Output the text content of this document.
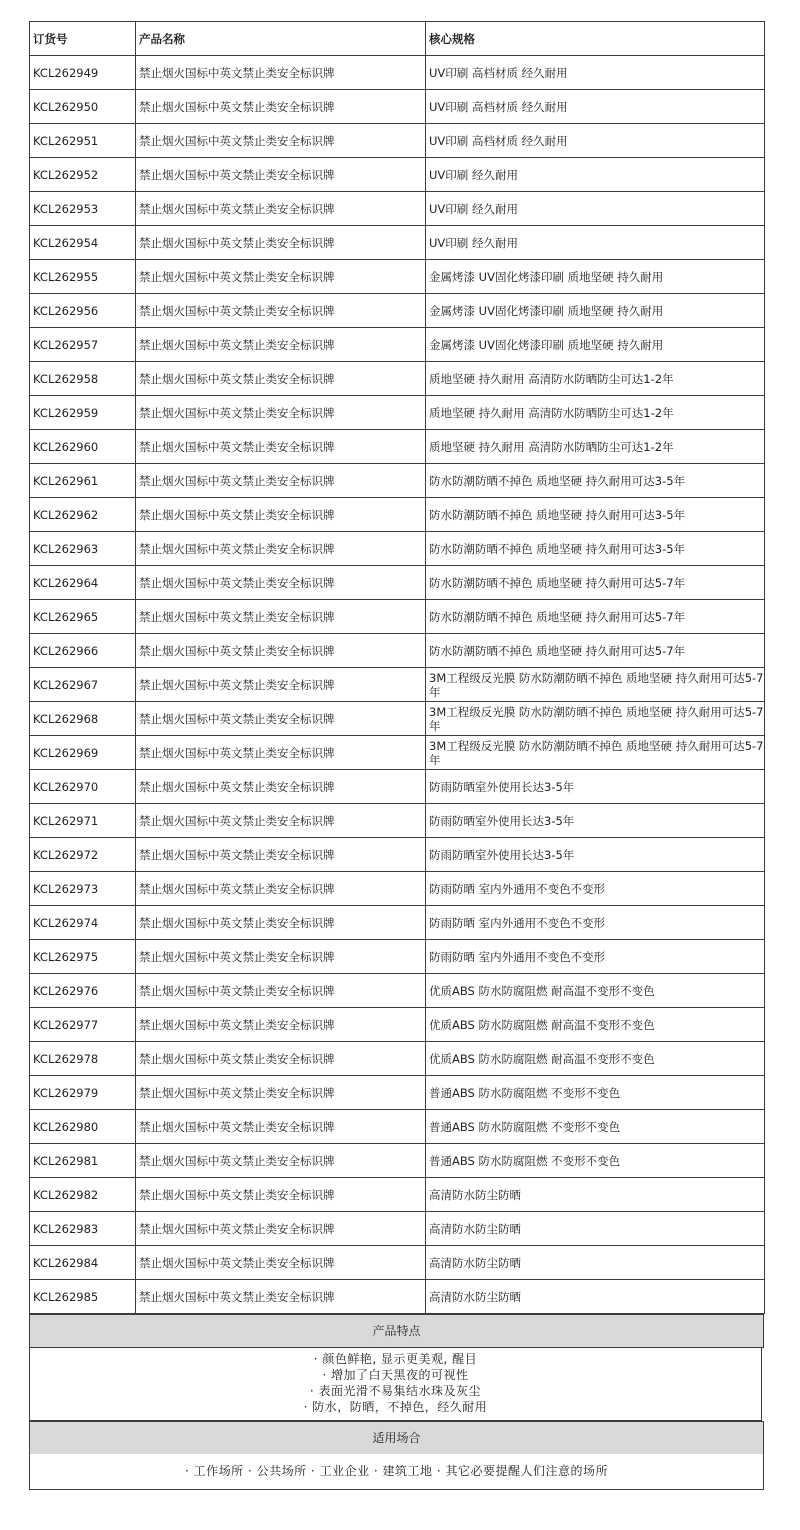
订货号	产品名称	核心规格
KCL262949	禁止烟火国标中英文禁止类安全标识牌	UV印刷 高档材质 经久耐用
KCL262950	禁止烟火国标中英文禁止类安全标识牌	UV印刷 高档材质 经久耐用
KCL262951	禁止烟火国标中英文禁止类安全标识牌	UV印刷 高档材质 经久耐用
KCL262952	禁止烟火国标中英文禁止类安全标识牌	UV印刷 经久耐用
KCL262953	禁止烟火国标中英文禁止类安全标识牌	UV印刷 经久耐用
KCL262954	禁止烟火国标中英文禁止类安全标识牌	UV印刷 经久耐用
KCL262955	禁止烟火国标中英文禁止类安全标识牌	金属烤漆 UV固化烤漆印刷 质地坚硬 持久耐用
KCL262956	禁止烟火国标中英文禁止类安全标识牌	金属烤漆 UV固化烤漆印刷 质地坚硬 持久耐用
KCL262957	禁止烟火国标中英文禁止类安全标识牌	金属烤漆 UV固化烤漆印刷 质地坚硬 持久耐用
KCL262958	禁止烟火国标中英文禁止类安全标识牌	质地坚硬 持久耐用 高清防水防晒防尘可达1-2年
KCL262959	禁止烟火国标中英文禁止类安全标识牌	质地坚硬 持久耐用 高清防水防晒防尘可达1-2年
KCL262960	禁止烟火国标中英文禁止类安全标识牌	质地坚硬 持久耐用 高清防水防晒防尘可达1-2年
KCL262961	禁止烟火国标中英文禁止类安全标识牌	防水防潮防晒不掉色 质地坚硬 持久耐用可达3-5年
KCL262962	禁止烟火国标中英文禁止类安全标识牌	防水防潮防晒不掉色 质地坚硬 持久耐用可达3-5年
KCL262963	禁止烟火国标中英文禁止类安全标识牌	防水防潮防晒不掉色 质地坚硬 持久耐用可达3-5年
KCL262964	禁止烟火国标中英文禁止类安全标识牌	防水防潮防晒不掉色 质地坚硬 持久耐用可达5-7年
KCL262965	禁止烟火国标中英文禁止类安全标识牌	防水防潮防晒不掉色 质地坚硬 持久耐用可达5-7年
KCL262966	禁止烟火国标中英文禁止类安全标识牌	防水防潮防晒不掉色 质地坚硬 持久耐用可达5-7年
KCL262967	禁止烟火国标中英文禁止类安全标识牌	3M工程级反光膜 防水防潮防晒不掉色 质地坚硬 持久耐用可达5-7年
KCL262968	禁止烟火国标中英文禁止类安全标识牌	3M工程级反光膜 防水防潮防晒不掉色 质地坚硬 持久耐用可达5-7年
KCL262969	禁止烟火国标中英文禁止类安全标识牌	3M工程级反光膜 防水防潮防晒不掉色 质地坚硬 持久耐用可达5-7年
KCL262970	禁止烟火国标中英文禁止类安全标识牌	防雨防晒室外使用长达3-5年
KCL262971	禁止烟火国标中英文禁止类安全标识牌	防雨防晒室外使用长达3-5年
KCL262972	禁止烟火国标中英文禁止类安全标识牌	防雨防晒室外使用长达3-5年
KCL262973	禁止烟火国标中英文禁止类安全标识牌	防雨防晒 室内外通用不变色不变形
KCL262974	禁止烟火国标中英文禁止类安全标识牌	防雨防晒 室内外通用不变色不变形
KCL262975	禁止烟火国标中英文禁止类安全标识牌	防雨防晒 室内外通用不变色不变形
KCL262976	禁止烟火国标中英文禁止类安全标识牌	优质ABS 防水防腐阻燃 耐高温不变形不变色
KCL262977	禁止烟火国标中英文禁止类安全标识牌	优质ABS 防水防腐阻燃 耐高温不变形不变色
KCL262978	禁止烟火国标中英文禁止类安全标识牌	优质ABS 防水防腐阻燃 耐高温不变形不变色
KCL262979	禁止烟火国标中英文禁止类安全标识牌	普通ABS 防水防腐阻燃 不变形不变色
KCL262980	禁止烟火国标中英文禁止类安全标识牌	普通ABS 防水防腐阻燃 不变形不变色
KCL262981	禁止烟火国标中英文禁止类安全标识牌	普通ABS 防水防腐阻燃 不变形不变色
KCL262982	禁止烟火国标中英文禁止类安全标识牌	高清防水防尘防晒
KCL262983	禁止烟火国标中英文禁止类安全标识牌	高清防水防尘防晒
KCL262984	禁止烟火国标中英文禁止类安全标识牌	高清防水防尘防晒
KCL262985	禁止烟火国标中英文禁止类安全标识牌	高清防水防尘防晒
产品特点
· 颜色鲜艳, 显示更美观, 醒目
· 增加了白天黑夜的可视性
· 表面光滑不易集结水珠及灰尘
· 防水，防晒，不掉色，经久耐用
适用场合
· 工作场所 · 公共场所 · 工业企业 · 建筑工地 · 其它必要提醒人们注意的场所
